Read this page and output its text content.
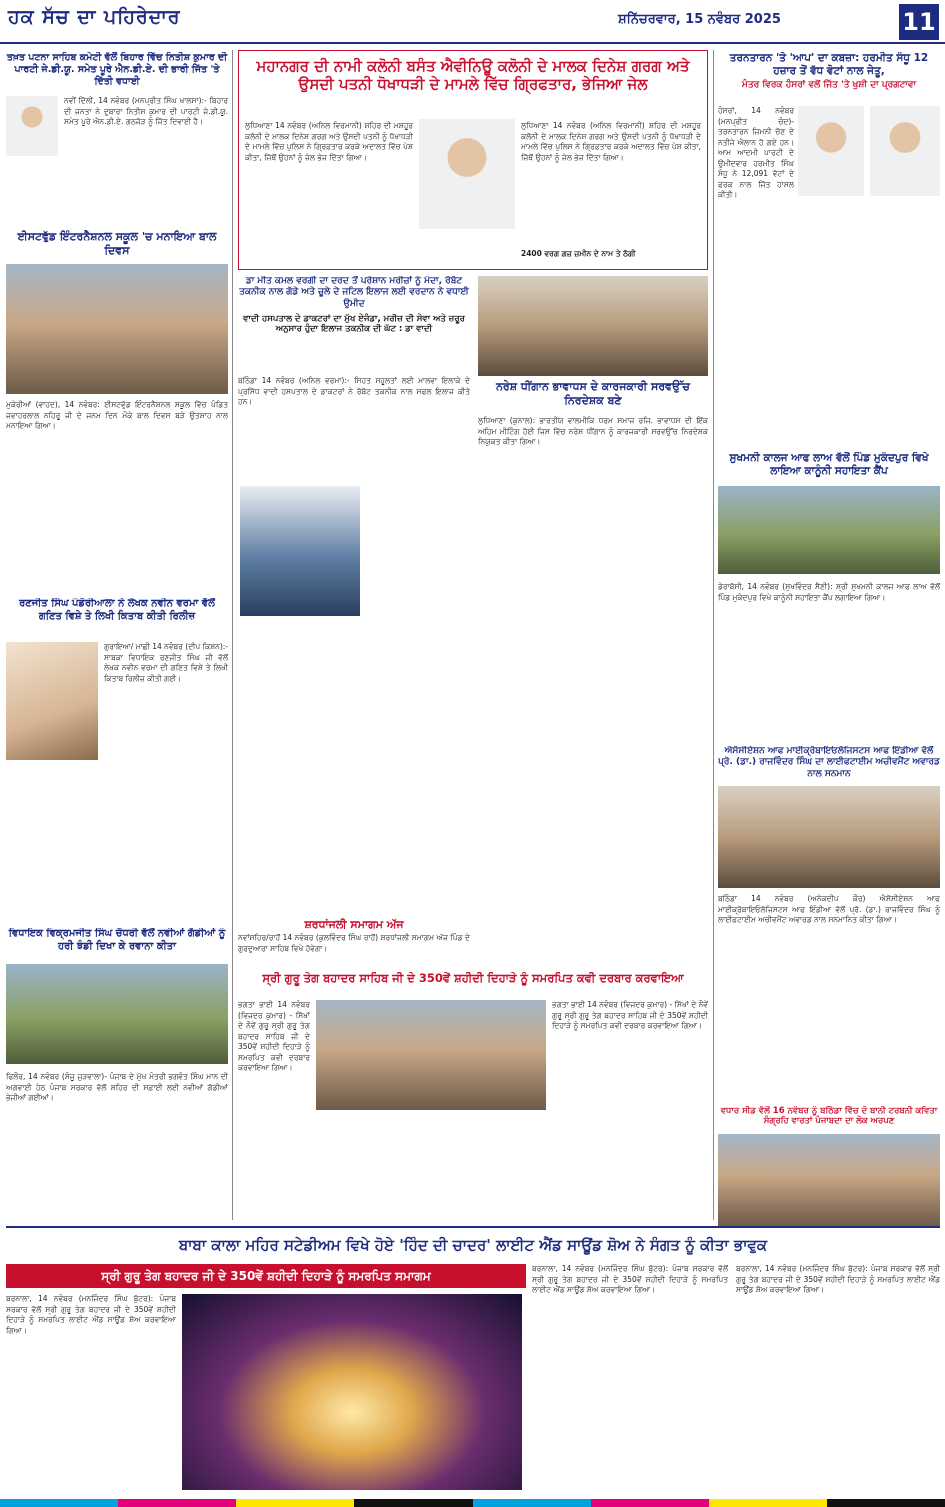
ਹਕ ਸੱਚ ਦਾ ਪਹਿਰੇਦਾਰ	ਸ਼ਨਿੱਚਰਵਾਰ, 15 ਨਵੰਬਰ 2025	11
ਤਖ਼ਤ ਪਟਨਾ ਸਾਹਿਬ ਕਮੇਟੀ ਵੱਲੋਂ ਬਿਹਾਰ ਵਿੱਚ ਨਿਤੀਸ਼ ਕੁਮਾਰ ਦੀ ਪਾਰਟੀ ਜੇ.ਡੀ.ਯੂ. ਸਮੇਤ ਪੂਰੇ ਐਨ.ਡੀ.ਏ. ਦੀ ਭਾਰੀ ਜਿੱਤ 'ਤੇ ਦਿੱਤੀ ਵਧਾਈ
ਨਵੀਂ ਦਿੱਲੀ, 14 ਨਵੰਬਰ (ਮਨਪ੍ਰੀਤ ਸਿੰਘ ਖਾਲਸਾ):- ਬਿਹਾਰ ਦੀ ਜਨਤਾ ਨੇ ਦੁਬਾਰਾ ਨਿਤੀਸ਼ ਕੁਮਾਰ ਦੀ ਪਾਰਟੀ ਜੇ.ਡੀ.ਯੂ. ਸਮੇਤ ਪੂਰੇ ਐਨ.ਡੀ.ਏ. ਗਠਜੋੜ ਨੂੰ ਜਿੱਤ ਦਿਵਾਈ ਹੈ।
ਈਸਟਵੁੱਡ ਇੰਟਰਨੈਸ਼ਨਲ ਸਕੂਲ 'ਚ ਮਨਾਇਆ ਬਾਲ ਦਿਵਸ
ਮੁਕੇਰੀਆਂ (ਵਾਹਦ), 14 ਨਵੰਬਰ: ਈਸਟਵੁੱਡ ਇੰਟਰਨੈਸ਼ਨਲ ਸਕੂਲ ਵਿੱਚ ਪੰਡਿਤ ਜਵਾਹਰਲਾਲ ਨਹਿਰੂ ਜੀ ਦੇ ਜਨਮ ਦਿਨ ਮੌਕੇ ਬਾਲ ਦਿਵਸ ਬੜੇ ਉਤਸ਼ਾਹ ਨਾਲ ਮਨਾਇਆ ਗਿਆ।
ਰਣਜੀਤ ਸਿੰਘ ਪੰਡੋਰੀਆਲਾ ਨੇ ਲੇਖਕ ਨਵੀਨ ਵਰਮਾ ਵੱਲੋਂ ਗਣਿਤ ਵਿਸ਼ੇ ਤੇ ਲਿਖੀ ਕਿਤਾਬ ਕੀਤੀ ਰਿਲੀਜ਼
ਗੁਰਾਇਆ/ ਮਾਛੀ 14 ਨਵੰਬਰ (ਦੀਪ ਕਿਸ਼ਨ):- ਸਾਬਕਾ ਵਿਧਾਇਕ ਰਣਜੀਤ ਸਿੰਘ ਜੀ ਵੱਲੋਂ ਲੇਖਕ ਨਵੀਨ ਵਰਮਾ ਦੀ ਗਣਿਤ ਵਿਸ਼ੇ ਤੇ ਲਿਖੀ ਕਿਤਾਬ ਰਿਲੀਜ਼ ਕੀਤੀ ਗਈ।
ਵਿਧਾਇਕ ਵਿਕ੍ਰਮਜੀਤ ਸਿੰਘ ਚੌਧਰੀ ਵੱਲੋਂ ਨਵੀਆਂ ਗੱਡੀਆਂ ਨੂੰ ਹਰੀ ਝੰਡੀ ਦਿਖਾ ਕੇ ਰਵਾਨਾ ਕੀਤਾ
ਫਿਲੌਰ, 14 ਨਵੰਬਰ (ਸੰਜੂ ਜੁੜਵਾਲਾ)- ਪੰਜਾਬ ਦੇ ਮੁੱਖ ਮੰਤਰੀ ਭਗਵੰਤ ਸਿੰਘ ਮਾਨ ਦੀ ਅਗਵਾਈ ਹੇਠ ਪੰਜਾਬ ਸਰਕਾਰ ਵੱਲੋਂ ਸ਼ਹਿਰ ਦੀ ਸਫ਼ਾਈ ਲਈ ਨਵੀਆਂ ਗੱਡੀਆਂ ਭੇਜੀਆਂ ਗਈਆਂ।
ਮਹਾਨਗਰ ਦੀ ਨਾਮੀ ਕਲੋਨੀ ਬਸੰਤ ਐਵੀਨਿਊ ਕਲੋਨੀ ਦੇ ਮਾਲਕ ਦਿਨੇਸ਼ ਗਰਗ ਅਤੇ ਉਸਦੀ ਪਤਨੀ ਧੋਖਾਧੜੀ ਦੇ ਮਾਮਲੇ ਵਿੱਚ ਗ੍ਰਿਫਤਾਰ, ਭੇਜਿਆ ਜੇਲ
ਲੁਧਿਆਣਾ 14 ਨਵੰਬਰ (ਅਨਿਲ ਵਿਰਮਾਨੀ) ਸ਼ਹਿਰ ਦੀ ਮਸ਼ਹੂਰ ਕਲੋਨੀ ਦੇ ਮਾਲਕ ਦਿਨੇਸ਼ ਗਰਗ ਅਤੇ ਉਸਦੀ ਪਤਨੀ ਨੂੰ ਧੋਖਾਧੜੀ ਦੇ ਮਾਮਲੇ ਵਿੱਚ ਪੁਲਿਸ ਨੇ ਗ੍ਰਿਫ਼ਤਾਰ ਕਰਕੇ ਅਦਾਲਤ ਵਿੱਚ ਪੇਸ਼ ਕੀਤਾ, ਜਿੱਥੋਂ ਉਹਨਾਂ ਨੂੰ ਜੇਲ ਭੇਜ ਦਿੱਤਾ ਗਿਆ।
ਲੁਧਿਆਣਾ 14 ਨਵੰਬਰ (ਅਨਿਲ ਵਿਰਮਾਨੀ) ਸ਼ਹਿਰ ਦੀ ਮਸ਼ਹੂਰ ਕਲੋਨੀ ਦੇ ਮਾਲਕ ਦਿਨੇਸ਼ ਗਰਗ ਅਤੇ ਉਸਦੀ ਪਤਨੀ ਨੂੰ ਧੋਖਾਧੜੀ ਦੇ ਮਾਮਲੇ ਵਿੱਚ ਪੁਲਿਸ ਨੇ ਗ੍ਰਿਫ਼ਤਾਰ ਕਰਕੇ ਅਦਾਲਤ ਵਿੱਚ ਪੇਸ਼ ਕੀਤਾ, ਜਿੱਥੋਂ ਉਹਨਾਂ ਨੂੰ ਜੇਲ ਭੇਜ ਦਿੱਤਾ ਗਿਆ।
2400 ਵਰਗ ਗਜ਼ ਜ਼ਮੀਨ ਦੇ ਨਾਮ ਤੇ ਠੱਗੀ
ਡਾ ਮੀਤ ਕਮਲ ਵਰਗੀ ਦਾ ਦਰਦ ਤੋਂ ਪਰੇਸ਼ਾਨ ਮਰੀਜ਼ਾਂ ਨੂੰ ਮੰਦਾ, ਰੋਬੋਟ ਤਕਨੀਕ ਨਾਲ ਗੋਡੇ ਅਤੇ ਚੂਲੇ ਦੇ ਜਟਿਲ ਇਲਾਜ ਲਈ ਵਰਦਾਨ ਨੇ ਵਧਾਈ ਉਮੀਦ
ਵਾਦੀ ਹਸਪਤਾਲ ਦੇ ਡਾਕਟਰਾਂ ਦਾ ਮੁੱਖ ਏਜੰਡਾ, ਮਰੀਜ਼ ਦੀ ਸੇਵਾ ਅਤੇ ਜ਼ਰੂਰ ਅਨੁਸਾਰ ਹੁੰਦਾ ਇਲਾਜ ਤਕਨੀਕ ਦੀ ਘੱਟ : ਡਾ ਵਾਦੀ
ਬਠਿੰਡਾ 14 ਨਵੰਬਰ (ਅਨਿਲ ਵਰਮਾ):- ਸਿਹਤ ਸਹੂਲਤਾਂ ਲਈ ਮਾਲਵਾ ਇਲਾਕੇ ਦੇ ਪ੍ਰਸਿੱਧ ਵਾਦੀ ਹਸਪਤਾਲ ਦੇ ਡਾਕਟਰਾਂ ਨੇ ਰੋਬੋਟ ਤਕਨੀਕ ਨਾਲ ਸਫਲ ਇਲਾਜ ਕੀਤੇ ਹਨ।
ਸ਼ਰਧਾਂਜਲੀ ਸਮਾਗਮ ਅੱਜ
ਨਵਾਂਸ਼ਹਿਰ/ਰਾਹੋਂ 14 ਨਵੰਬਰ (ਕੁਲਵਿੰਦਰ ਸਿੰਘ ਰਾਹੋਂ) ਸ਼ਰਧਾਂਜਲੀ ਸਮਾਗਮ ਅੱਜ ਪਿੰਡ ਦੇ ਗੁਰਦੁਆਰਾ ਸਾਹਿਬ ਵਿਖੇ ਹੋਵੇਗਾ।
ਨਰੇਸ਼ ਧੀਂਗਾਨ ਭਾਵਾਧਸ ਦੇ ਕਾਰਜਕਾਰੀ ਸਰਵਉੱਚ ਨਿਰਦੇਸ਼ਕ ਬਣੇ
ਲੁਧਿਆਣਾ (ਕੁਨਾਲ): ਭਾਰਤੀਯ ਵਾਲਮੀਕਿ ਧਰਮ ਸਮਾਜ ਰਜਿ. ਭਾਵਾਧਸ ਦੀ ਇੱਕ ਅਹਿਮ ਮੀਟਿੰਗ ਹੋਈ ਜਿਸ ਵਿੱਚ ਨਰੇਸ਼ ਧੀਂਗਾਨ ਨੂੰ ਕਾਰਜਕਾਰੀ ਸਰਵਉੱਚ ਨਿਰਦੇਸ਼ਕ ਨਿਯੁਕਤ ਕੀਤਾ ਗਿਆ।
ਸ੍ਰੀ ਗੁਰੂ ਤੇਗ ਬਹਾਦਰ ਸਾਹਿਬ ਜੀ ਦੇ 350ਵੇਂ ਸ਼ਹੀਦੀ ਦਿਹਾੜੇ ਨੂੰ ਸਮਰਪਿਤ ਕਵੀ ਦਰਬਾਰ ਕਰਵਾਇਆ
ਭਗਤਾ ਭਾਈ 14 ਨਵੰਬਰ (ਵਿਜਦਰ ਕੁਮਾਰ) - ਸਿੱਖਾਂ ਦੇ ਨੌਵੇਂ ਗੁਰੂ ਸ੍ਰੀ ਗੁਰੂ ਤੇਗ ਬਹਾਦਰ ਸਾਹਿਬ ਜੀ ਦੇ 350ਵੇਂ ਸ਼ਹੀਦੀ ਦਿਹਾੜੇ ਨੂੰ ਸਮਰਪਿਤ ਕਵੀ ਦਰਬਾਰ ਕਰਵਾਇਆ ਗਿਆ।
ਭਗਤਾ ਭਾਈ 14 ਨਵੰਬਰ (ਵਿਜਦਰ ਕੁਮਾਰ) - ਸਿੱਖਾਂ ਦੇ ਨੌਵੇਂ ਗੁਰੂ ਸ੍ਰੀ ਗੁਰੂ ਤੇਗ ਬਹਾਦਰ ਸਾਹਿਬ ਜੀ ਦੇ 350ਵੇਂ ਸ਼ਹੀਦੀ ਦਿਹਾੜੇ ਨੂੰ ਸਮਰਪਿਤ ਕਵੀ ਦਰਬਾਰ ਕਰਵਾਇਆ ਗਿਆ।
ਤਰਨਤਾਰਨ 'ਤੇ 'ਆਪ' ਦਾ ਕਬਜ਼ਾ: ਹਰਮੀਤ ਸੰਧੂ 12 ਹਜ਼ਾਰ ਤੋਂ ਵੱਧ ਵੋਟਾਂ ਨਾਲ ਜੇਤੂ,
ਮੰਤਰ ਵਿਰਕ ਹੰਸਰਾਂ ਵਲੋਂ ਜਿੱਤ 'ਤੇ ਖੁਸ਼ੀ ਦਾ ਪ੍ਰਗਟਾਵਾ
ਹੰਸਰਾਂ, 14 ਨਵੰਬਰ (ਮਨਪ੍ਰੀਤ ਚੰਦ)- ਤਰਨਤਾਰਨ ਜ਼ਿਮਨੀ ਚੋਣ ਦੇ ਨਤੀਜੇ ਐਲਾਨ ਹੋ ਗਏ ਹਨ। ਆਮ ਆਦਮੀ ਪਾਰਟੀ ਦੇ ਉਮੀਦਵਾਰ ਹਰਮੀਤ ਸਿੰਘ ਸੰਧੂ ਨੇ 12,091 ਵੋਟਾਂ ਦੇ ਫਰਕ ਨਾਲ ਜਿੱਤ ਹਾਸਲ ਕੀਤੀ।
ਸੁਖਮਨੀ ਕਾਲਜ ਆਫ ਲਾਅ ਵੱਲੋਂ ਪਿੰਡ ਮੁਕੰਦਪੁਰ ਵਿਖੇ ਲਾਇਆ ਕਾਨੂੰਨੀ ਸਹਾਇਤਾ ਕੈਂਪ
ਡੇਰਾਬੱਸੀ, 14 ਨਵੰਬਰ (ਸੁਖਵਿੰਦਰ ਸੈਣੀ): ਸ੍ਰੀ ਸੁਖਮਨੀ ਕਾਲਜ ਆਫ ਲਾਅ ਵੱਲੋਂ ਪਿੰਡ ਮੁਕੰਦਪੁਰ ਵਿਖੇ ਕਾਨੂੰਨੀ ਸਹਾਇਤਾ ਕੈਂਪ ਲਗਾਇਆ ਗਿਆ।
ਐਸੋਸੀਏਸ਼ਨ ਆਫ ਮਾਈਕ੍ਰੋਬਾਇਓਲੋਜਿਸਟਸ ਆਫ ਇੰਡੀਆ ਵੱਲੋਂ ਪ੍ਰੋ. (ਡਾ.) ਰਾਜਵਿੰਦਰ ਸਿੰਘ ਦਾ ਲਾਈਫਟਾਈਮ ਅਚੀਵਮੈਂਟ ਅਵਾਰਡ ਨਾਲ ਸਨਮਾਨ
ਬਠਿੰਡਾ 14 ਨਵੰਬਰ (ਅਨੇਕਦੀਪ ਕੌਰ) ਐਸੋਸੀਏਸ਼ਨ ਆਫ ਮਾਈਕ੍ਰੋਬਾਇਓਲੋਜਿਸਟਸ ਆਫ ਇੰਡੀਆ ਵੱਲੋਂ ਪ੍ਰੋ. (ਡਾ.) ਰਾਜਵਿੰਦਰ ਸਿੰਘ ਨੂੰ ਲਾਈਫਟਾਈਮ ਅਚੀਵਮੈਂਟ ਅਵਾਰਡ ਨਾਲ ਸਨਮਾਨਿਤ ਕੀਤਾ ਗਿਆ।
ਵਧਾਰ ਸੀਡ ਵੱਲੋਂ 16 ਨਵੰਬਰ ਨੂੰ ਬਠਿੰਡਾ ਵਿੱਚ ਦੋ ਬਾਨੀ ਟਰਬਨੀ ਕਵਿਤਾ ਸੰਗ੍ਰਹਿ ਵਾਰਤਾਂ ਪੰਜਾਬਦਾ ਦਾ ਲੋਕ ਅਰਪਣ
ਬਾਬਾ ਕਾਲਾ ਮਹਿਰ ਸਟੇਡੀਅਮ ਵਿਖੇ ਹੋਏ 'ਹਿੰਦ ਦੀ ਚਾਦਰ' ਲਾਈਟ ਐਂਡ ਸਾਊਂਡ ਸ਼ੋਅ ਨੇ ਸੰਗਤ ਨੂੰ ਕੀਤਾ ਭਾਵੁਕ
ਸ੍ਰੀ ਗੁਰੂ ਤੇਗ ਬਹਾਦਰ ਜੀ ਦੇ 350ਵੇਂ ਸ਼ਹੀਦੀ ਦਿਹਾੜੇ ਨੂੰ ਸਮਰਪਿਤ ਸਮਾਗਮ
ਬਰਨਾਲਾ, 14 ਨਵੰਬਰ (ਮਨਜਿੰਦਰ ਸਿੰਘ ਬੁੱਟਰ): ਪੰਜਾਬ ਸਰਕਾਰ ਵੱਲੋਂ ਸ੍ਰੀ ਗੁਰੂ ਤੇਗ ਬਹਾਦਰ ਜੀ ਦੇ 350ਵੇਂ ਸ਼ਹੀਦੀ ਦਿਹਾੜੇ ਨੂੰ ਸਮਰਪਿਤ ਲਾਈਟ ਐਂਡ ਸਾਊਂਡ ਸ਼ੋਅ ਕਰਵਾਇਆ ਗਿਆ।
ਬਰਨਾਲਾ, 14 ਨਵੰਬਰ (ਮਨਜਿੰਦਰ ਸਿੰਘ ਬੁੱਟਰ): ਪੰਜਾਬ ਸਰਕਾਰ ਵੱਲੋਂ ਸ੍ਰੀ ਗੁਰੂ ਤੇਗ ਬਹਾਦਰ ਜੀ ਦੇ 350ਵੇਂ ਸ਼ਹੀਦੀ ਦਿਹਾੜੇ ਨੂੰ ਸਮਰਪਿਤ ਲਾਈਟ ਐਂਡ ਸਾਊਂਡ ਸ਼ੋਅ ਕਰਵਾਇਆ ਗਿਆ।
ਬਰਨਾਲਾ, 14 ਨਵੰਬਰ (ਮਨਜਿੰਦਰ ਸਿੰਘ ਬੁੱਟਰ): ਪੰਜਾਬ ਸਰਕਾਰ ਵੱਲੋਂ ਸ੍ਰੀ ਗੁਰੂ ਤੇਗ ਬਹਾਦਰ ਜੀ ਦੇ 350ਵੇਂ ਸ਼ਹੀਦੀ ਦਿਹਾੜੇ ਨੂੰ ਸਮਰਪਿਤ ਲਾਈਟ ਐਂਡ ਸਾਊਂਡ ਸ਼ੋਅ ਕਰਵਾਇਆ ਗਿਆ।
